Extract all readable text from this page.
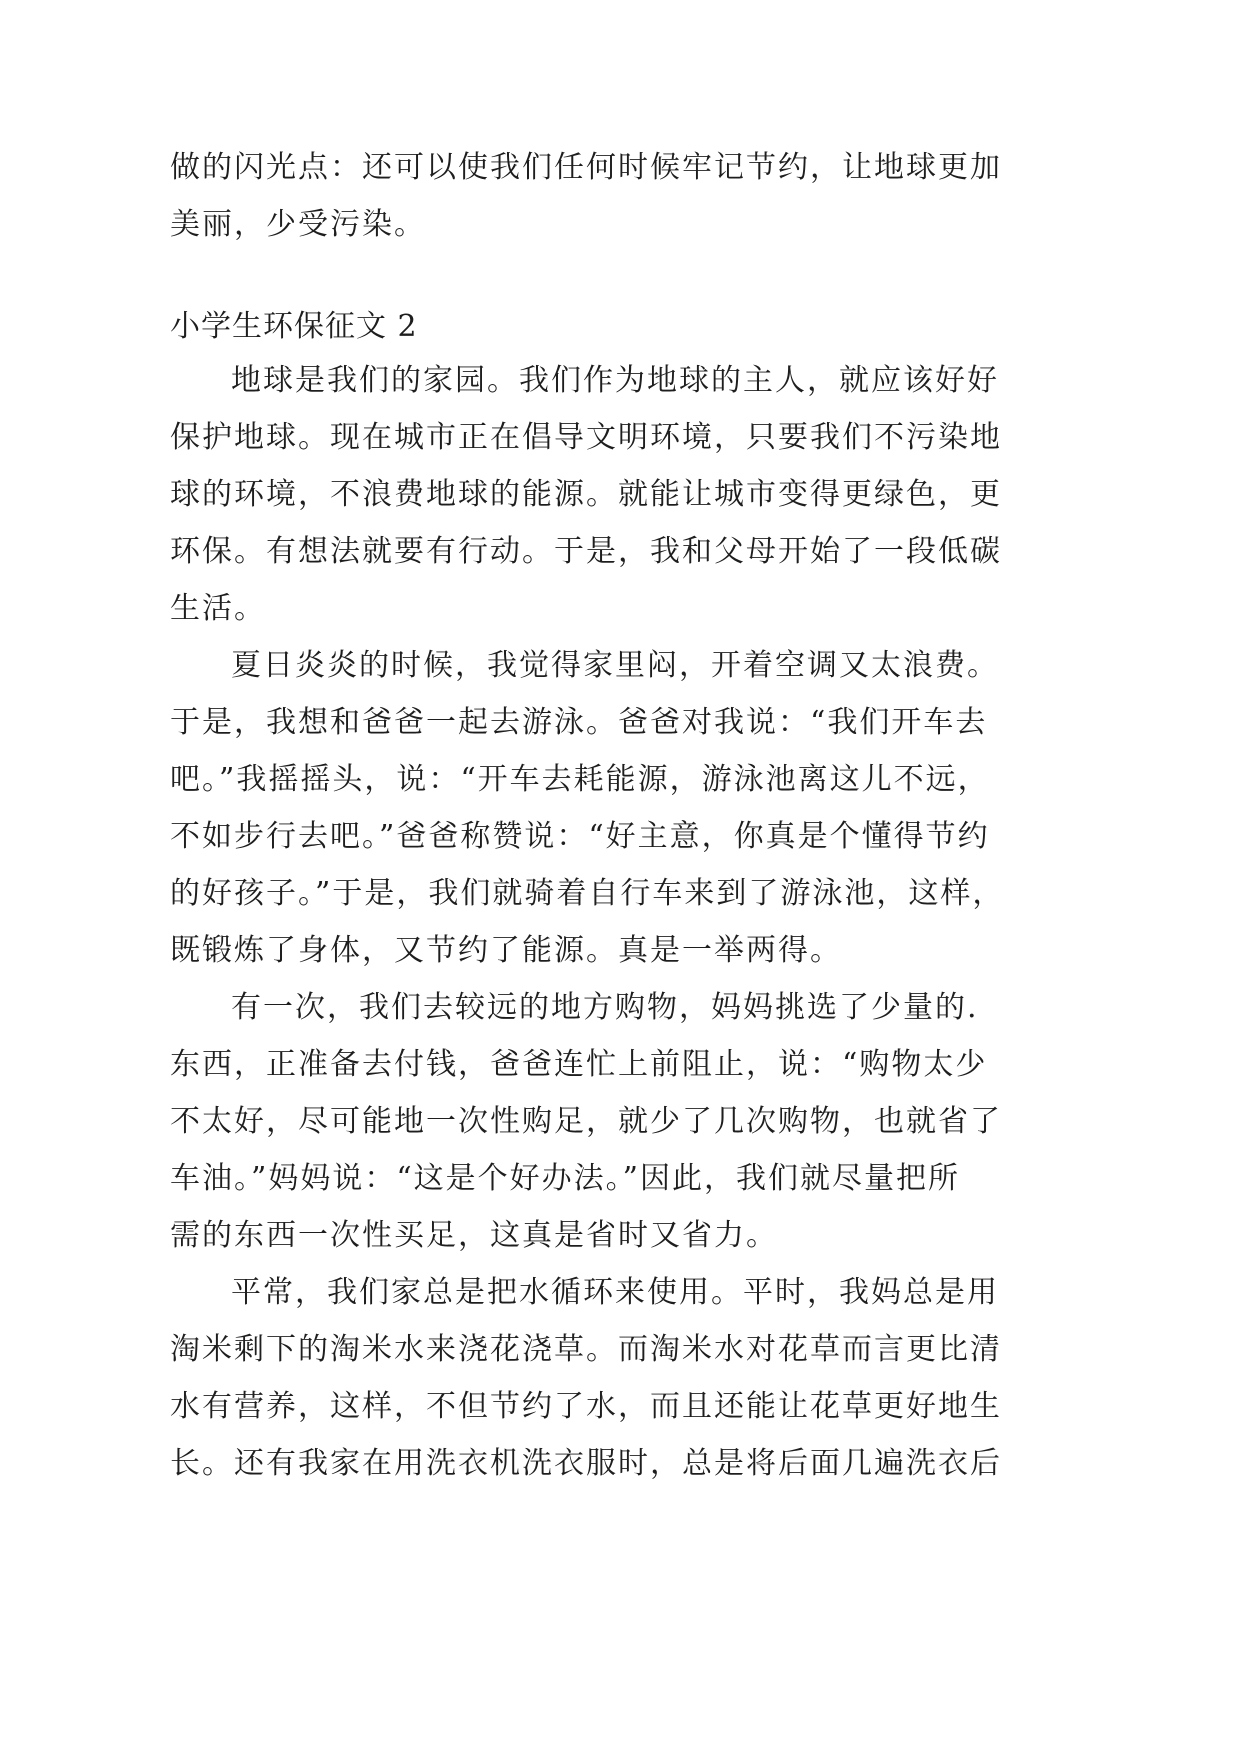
做的闪光点：还可以使我们任何时候牢记节约，让地球更加
美丽，少受污染。
小学生环保征文 2
地球是我们的家园。我们作为地球的主人，就应该好好
保护地球。现在城市正在倡导文明环境，只要我们不污染地
球的环境，不浪费地球的能源。就能让城市变得更绿色，更
环保。有想法就要有行动。于是，我和父母开始了一段低碳
生活。
夏日炎炎的时候，我觉得家里闷，开着空调又太浪费。
于是，我想和爸爸一起去游泳。爸爸对我说：“我们开车去
吧。”我摇摇头，说：“开车去耗能源，游泳池离这儿不远，
不如步行去吧。”爸爸称赞说：“好主意，你真是个懂得节约
的好孩子。”于是，我们就骑着自行车来到了游泳池，这样，
既锻炼了身体，又节约了能源。真是一举两得。
有一次，我们去较远的地方购物，妈妈挑选了少量的.
东西，正准备去付钱，爸爸连忙上前阻止，说：“购物太少
不太好，尽可能地一次性购足，就少了几次购物，也就省了
车油。”妈妈说：“这是个好办法。”因此，我们就尽量把所
需的东西一次性买足，这真是省时又省力。
平常，我们家总是把水循环来使用。平时，我妈总是用
淘米剩下的淘米水来浇花浇草。而淘米水对花草而言更比清
水有营养，这样，不但节约了水，而且还能让花草更好地生
长。还有我家在用洗衣机洗衣服时，总是将后面几遍洗衣后
